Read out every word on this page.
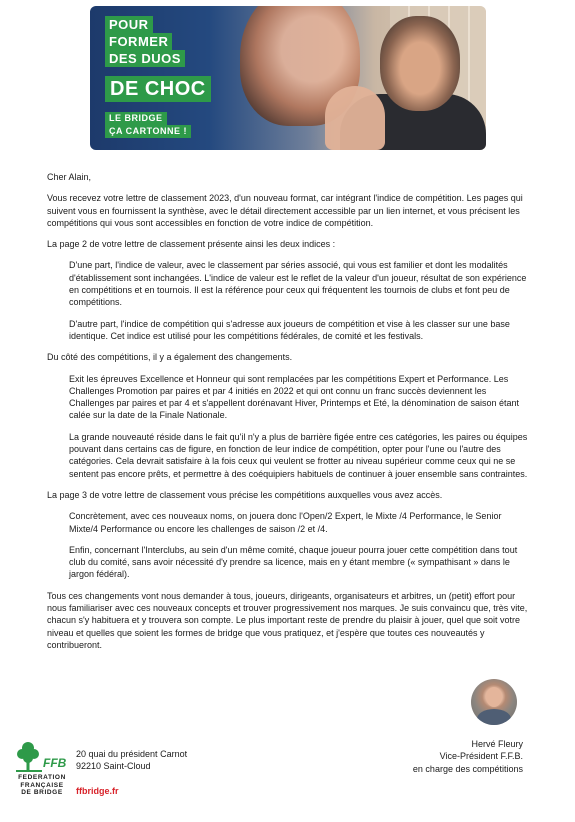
POUR
FORMER
DES DUOS
DE CHOC
LE BRIDGE
ÇA CARTONNE !

Cher Alain,

Vous recevez votre lettre de classement 2023, d'un nouveau format, car intégrant l'indice de compétition. Les pages qui suivent vous en fournissent la synthèse, avec le détail directement accessible par un lien internet, et vous précisent les compétitions qui vous sont accessibles en fonction de votre indice de compétition.

La page 2 de votre lettre de classement présente ainsi les deux indices :

D'une part, l'indice de valeur, avec le classement par séries associé, qui vous est familier et dont les modalités d'établissement sont inchangées. L'indice de valeur est le reflet de la valeur d'un joueur, résultat de son expérience en compétitions et en tournois. Il est la référence pour ceux qui fréquentent les tournois de clubs et font peu de compétitions.

D'autre part, l'indice de compétition qui s'adresse aux joueurs de compétition et vise à les classer sur une base identique. Cet indice est utilisé pour les compétitions fédérales, de comité et les festivals.

Du côté des compétitions, il y a également des changements.

Exit les épreuves Excellence et Honneur qui sont remplacées par les compétitions Expert et Performance. Les Challenges Promotion par paires et par 4 initiés en 2022 et qui ont connu un franc succès deviennent les Challenges par paires et par 4 et s'appellent dorénavant Hiver, Printemps et Eté, la dénomination de saison étant calée sur la date de la Finale Nationale.

La grande nouveauté réside dans le fait qu'il n'y a plus de barrière figée entre ces catégories, les paires ou équipes pouvant dans certains cas de figure, en fonction de leur indice de compétition, opter pour l'une ou l'autre des catégories. Cela devrait satisfaire à la fois ceux qui veulent se frotter au niveau supérieur comme ceux qui ne se sentent pas encore prêts, et permettre à des coéquipiers habituels de continuer à jouer ensemble sans contraintes.

La page 3 de votre lettre de classement vous précise les compétitions auxquelles vous avez accès.

Concrètement, avec ces nouveaux noms, on jouera donc l'Open/2 Expert, le Mixte /4 Performance, le Senior Mixte/4 Performance ou encore les challenges de saison /2 et /4.

Enfin, concernant l'Interclubs, au sein d'un même comité, chaque joueur pourra jouer cette compétition dans tout club du comité, sans avoir nécessité d'y prendre sa licence, mais en y étant membre (« sympathisant » dans le jargon fédéral).

Tous ces changements vont nous demander à tous, joueurs, dirigeants, organisateurs et arbitres, un (petit) effort pour nous familiariser avec ces nouveaux concepts et trouver progressivement nos marques. Je suis convaincu que, très vite, chacun s'y habituera et y trouvera son compte. Le plus important reste de prendre du plaisir à jouer, quel que soit votre niveau et quelles que soient les formes de bridge que vous pratiquez, et j'espère que toutes ces nouveautés y contribueront.

Hervé Fleury
Vice-Président F.F.B.
en charge des compétitions
FFB
FEDERATION
FRANÇAISE
DE BRIDGE
20 quai du président Carnot
92210 Saint-Cloud
ffbridge.fr
